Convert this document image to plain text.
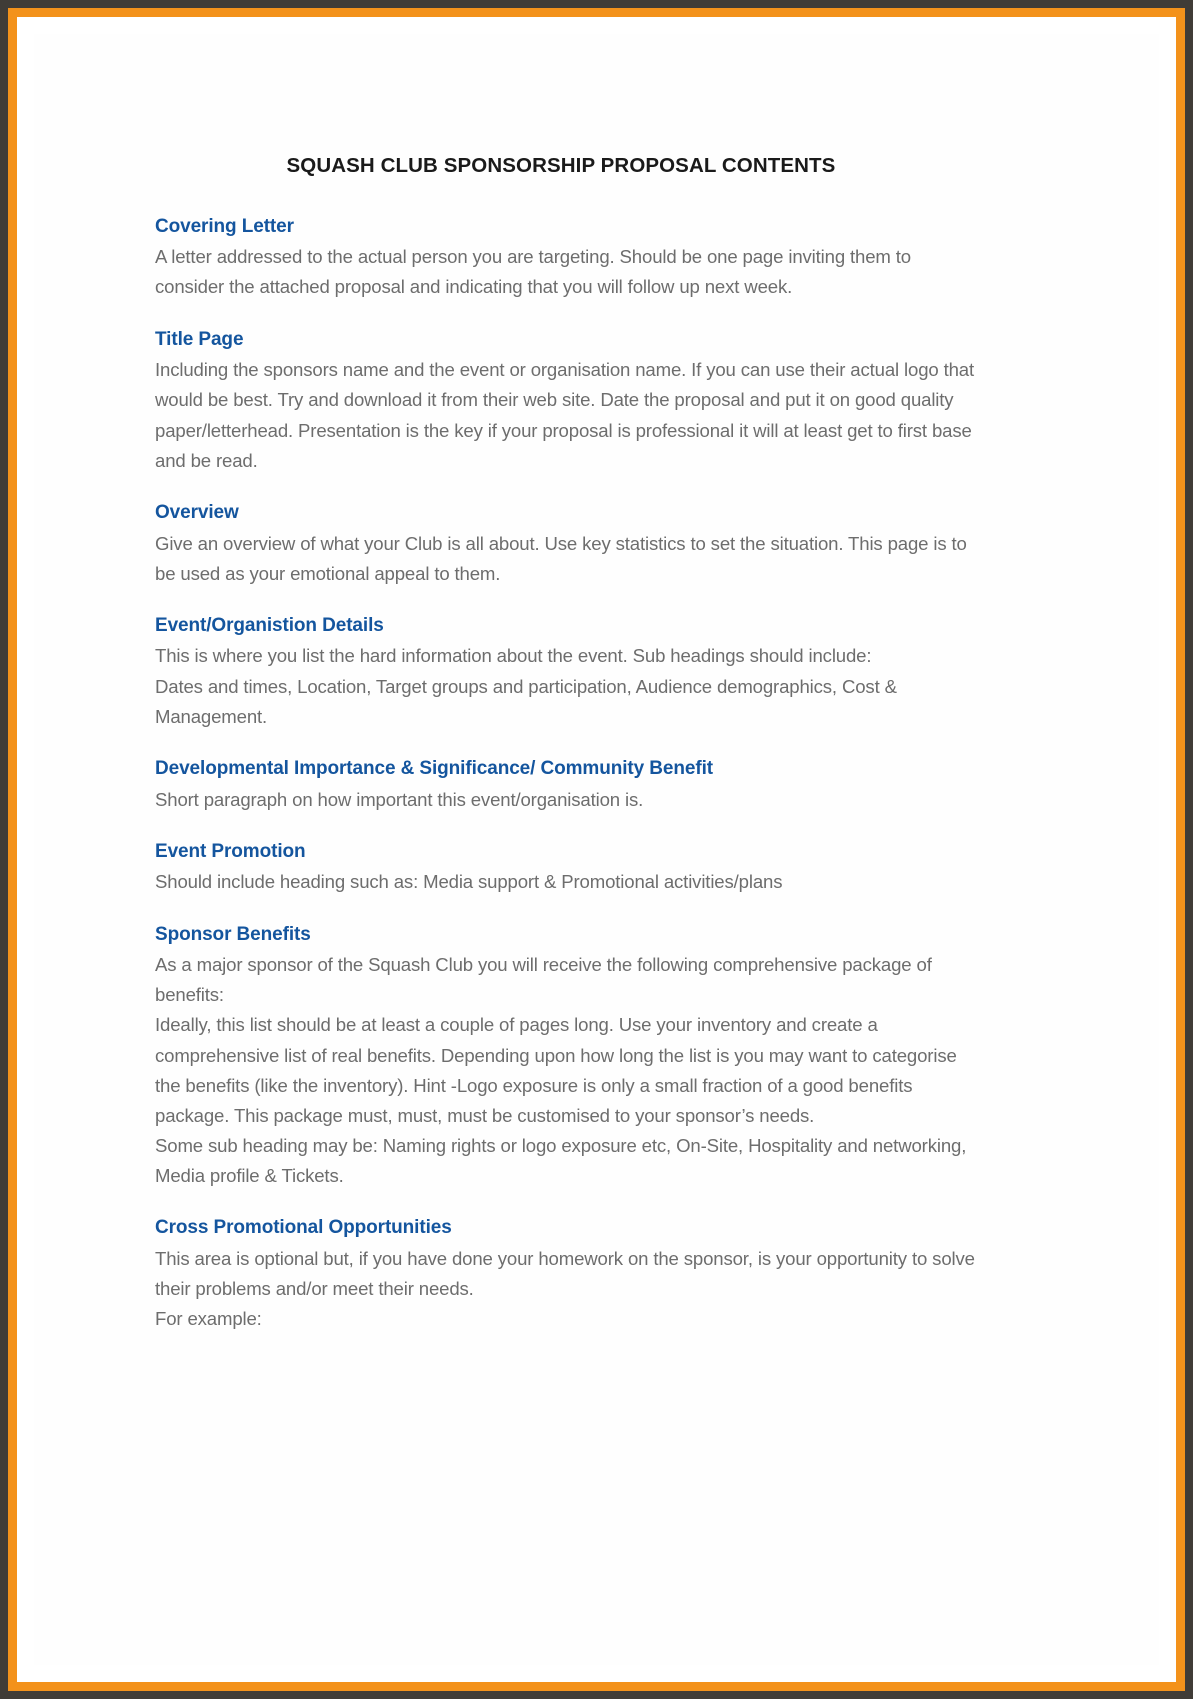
SQUASH CLUB SPONSORSHIP PROPOSAL CONTENTS
Covering Letter

A letter addressed to the actual person you are targeting. Should be one page inviting them to consider the attached proposal and indicating that you will follow up next week.

Title Page

Including the sponsors name and the event or organisation name. If you can use their actual logo that would be best. Try and download it from their web site. Date the proposal and put it on good quality paper/letterhead. Presentation is the key if your proposal is professional it will at least get to first base and be read.

Overview

Give an overview of what your Club is all about. Use key statistics to set the situation. This page is to be used as your emotional appeal to them.

Event/Organistion Details

This is where you list the hard information about the event. Sub headings should include:

Dates and times, Location, Target groups and participation, Audience demographics, Cost & Management.

Developmental Importance & Significance/ Community Benefit

Short paragraph on how important this event/organisation is.

Event Promotion

Should include heading such as: Media support & Promotional activities/plans

Sponsor Benefits

As a major sponsor of the Squash Club you will receive the following comprehensive package of benefits:

Ideally, this list should be at least a couple of pages long. Use your inventory and create a comprehensive list of real benefits. Depending upon how long the list is you may want to categorise the benefits (like the inventory). Hint -Logo exposure is only a small fraction of a good benefits package. This package must, must, must be customised to your sponsor’s needs.

Some sub heading may be: Naming rights or logo exposure etc, On-Site, Hospitality and networking, Media profile & Tickets.

Cross Promotional Opportunities

This area is optional but, if you have done your homework on the sponsor, is your opportunity to solve their problems and/or meet their needs.

For example:
